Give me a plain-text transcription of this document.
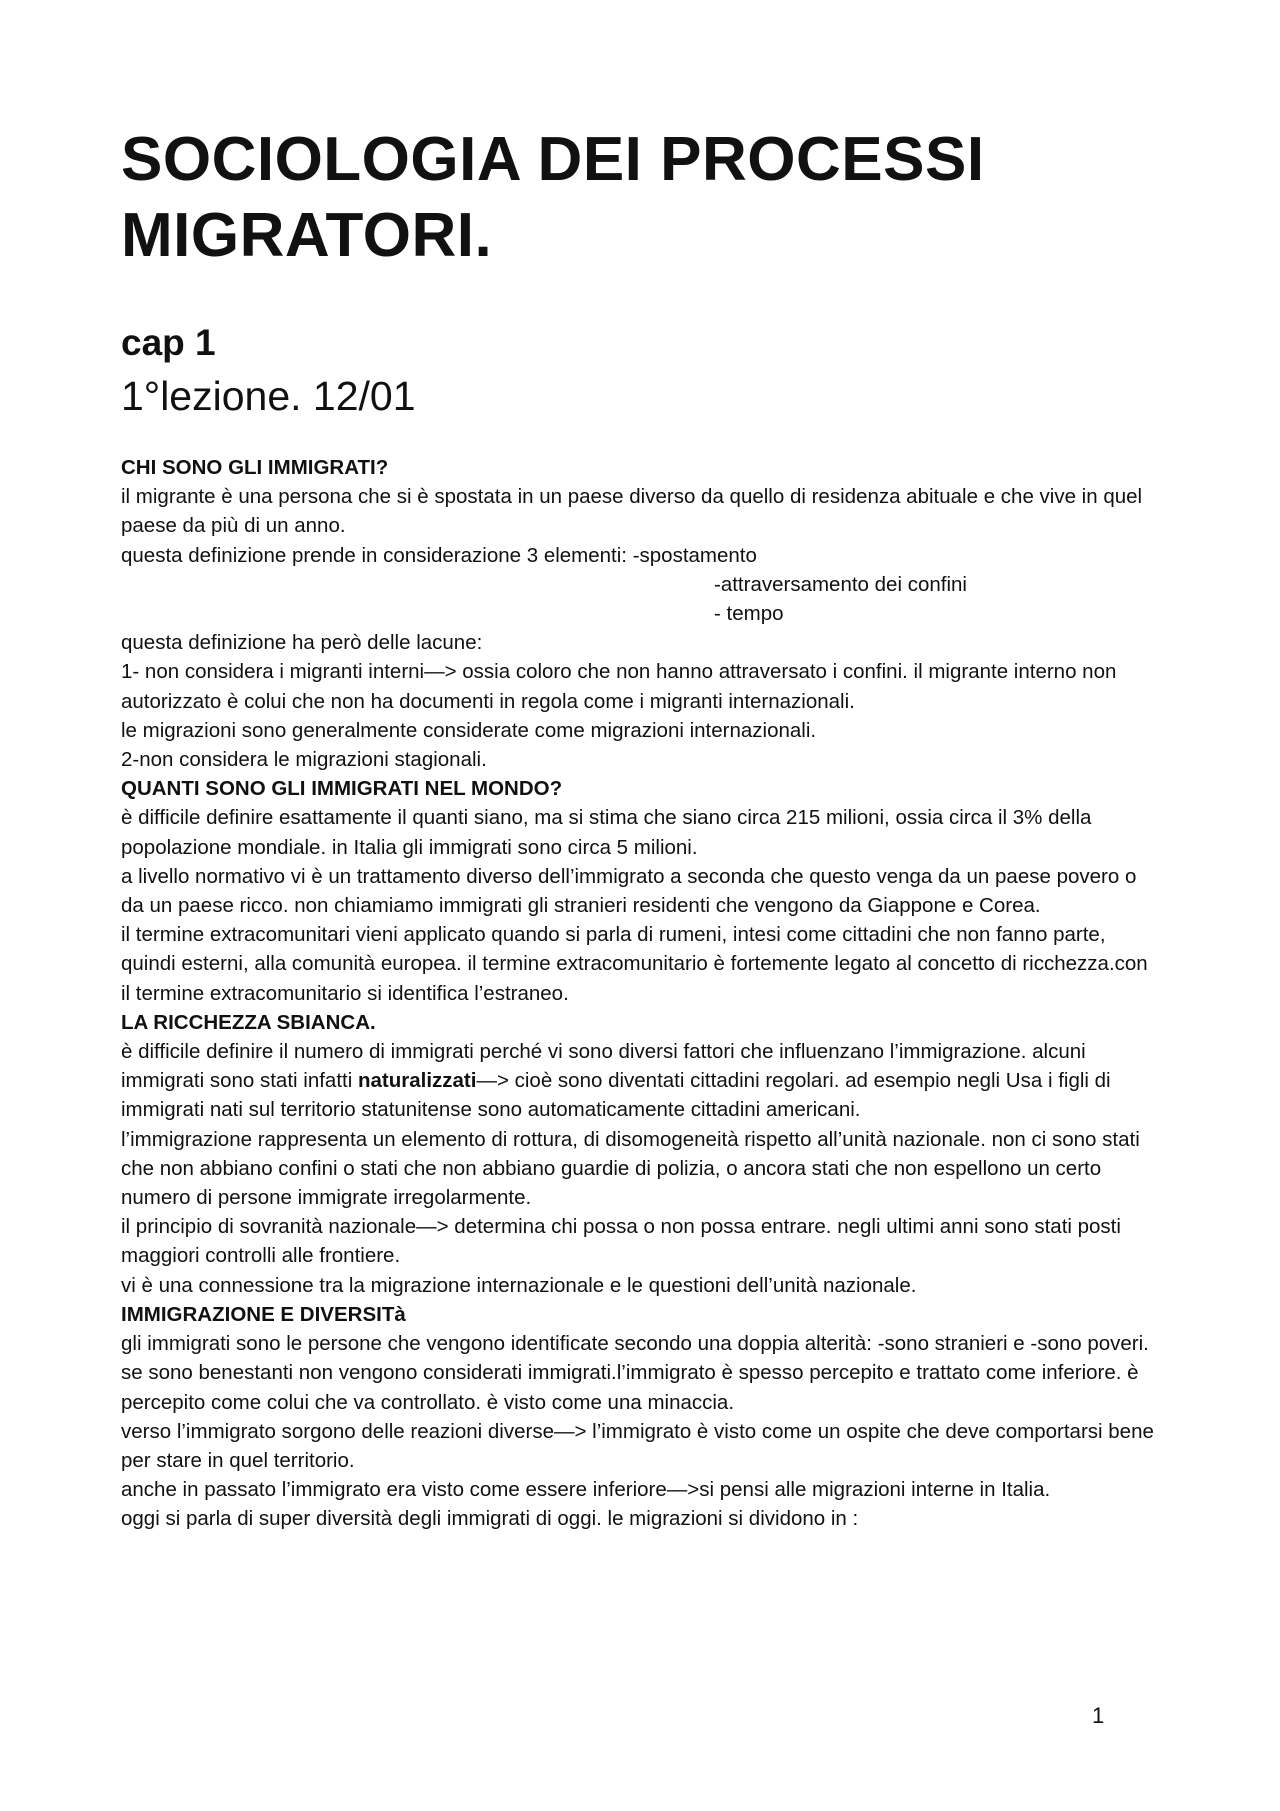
SOCIOLOGIA DEI PROCESSI
MIGRATORI.
cap 1
1°lezione. 12/01

CHI SONO GLI IMMIGRATI?

il migrante è una persona che si è spostata in un paese diverso da quello di residenza abituale e che vive in quel paese da più di un anno.

questa definizione prende in considerazione 3 elementi: -spostamento

-attraversamento dei confini

- tempo

questa definizione ha però delle lacune:

1- non considera i migranti interni—> ossia coloro che non hanno attraversato i confini. il migrante interno non autorizzato è colui che non ha documenti in regola come i migranti internazionali.

le migrazioni sono generalmente considerate come migrazioni internazionali.

2-non considera le migrazioni stagionali.

QUANTI SONO GLI IMMIGRATI NEL MONDO?

è difficile definire esattamente il quanti siano, ma si stima che siano circa 215 milioni, ossia circa il 3% della popolazione mondiale. in Italia gli immigrati sono circa 5 milioni.

a livello normativo vi è un trattamento diverso dell’immigrato a seconda che questo venga da un paese povero o da un paese ricco. non chiamiamo immigrati gli stranieri residenti che vengono da Giappone e Corea.

il termine extracomunitari vieni applicato quando si parla di rumeni, intesi come cittadini che non fanno parte, quindi esterni, alla comunità europea. il termine extracomunitario è fortemente legato al concetto di ricchezza.con il termine extracomunitario si identifica l’estraneo.

LA RICCHEZZA SBIANCA.

è difficile definire il numero di immigrati perché vi sono diversi fattori che influenzano l’immigrazione. alcuni immigrati sono stati infatti naturalizzati—> cioè sono diventati cittadini regolari. ad esempio negli Usa i figli di immigrati nati sul territorio statunitense sono automaticamente cittadini americani.

l’immigrazione rappresenta un elemento di rottura, di disomogeneità rispetto all’unità nazionale. non ci sono stati che non abbiano confini o stati che non abbiano guardie di polizia, o ancora stati che non espellono un certo numero di persone immigrate irregolarmente.

il principio di sovranità nazionale—> determina chi possa o non possa entrare. negli ultimi anni sono stati posti maggiori controlli alle frontiere.

vi è una connessione tra la migrazione internazionale e le questioni dell’unità nazionale.

IMMIGRAZIONE E DIVERSITà

gli immigrati sono le persone che vengono identificate secondo una doppia alterità: -sono stranieri e -sono poveri. se sono benestanti non vengono considerati immigrati.l’immigrato è spesso percepito e trattato come inferiore. è percepito come colui che va controllato. è visto come una minaccia.

verso l’immigrato sorgono delle reazioni diverse—> l’immigrato è visto come un ospite che deve comportarsi bene per stare in quel territorio.

anche in passato l’immigrato era visto come essere inferiore—>si pensi alle migrazioni interne in Italia.

oggi si parla di super diversità degli immigrati di oggi. le migrazioni si dividono in :

1
